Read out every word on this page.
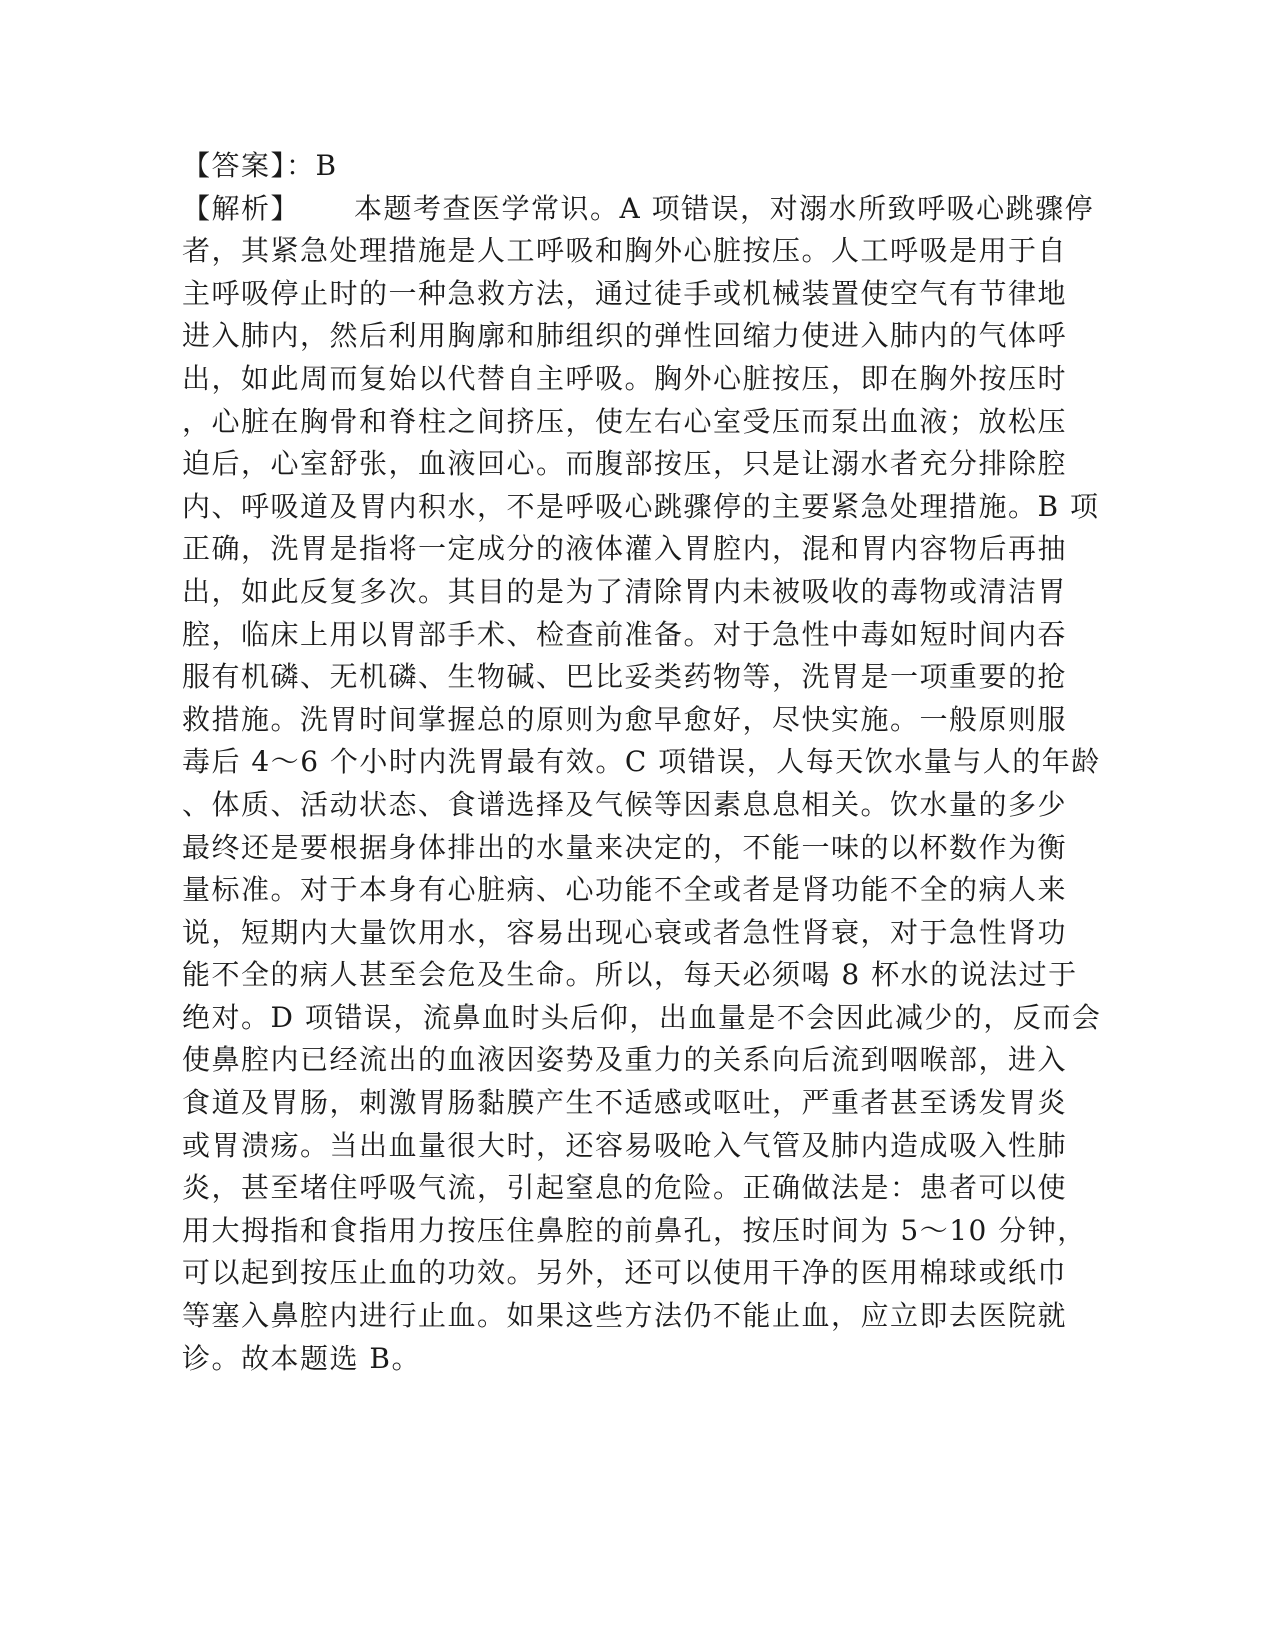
【答案】：B
【解析】 本题考查医学常识。A 项错误，对溺水所致呼吸心跳骤停
者，其紧急处理措施是人工呼吸和胸外心脏按压。人工呼吸是用于自
主呼吸停止时的一种急救方法，通过徒手或机械装置使空气有节律地
进入肺内，然后利用胸廓和肺组织的弹性回缩力使进入肺内的气体呼
出，如此周而复始以代替自主呼吸。胸外心脏按压，即在胸外按压时
，心脏在胸骨和脊柱之间挤压，使左右心室受压而泵出血液；放松压
迫后，心室舒张，血液回心。而腹部按压，只是让溺水者充分排除腔
内、呼吸道及胃内积水，不是呼吸心跳骤停的主要紧急处理措施。B 项
正确，洗胃是指将一定成分的液体灌入胃腔内，混和胃内容物后再抽
出，如此反复多次。其目的是为了清除胃内未被吸收的毒物或清洁胃
腔，临床上用以胃部手术、检查前准备。对于急性中毒如短时间内吞
服有机磷、无机磷、生物碱、巴比妥类药物等，洗胃是一项重要的抢
救措施。洗胃时间掌握总的原则为愈早愈好，尽快实施。一般原则服
毒后 4～6 个小时内洗胃最有效。C 项错误，人每天饮水量与人的年龄
、体质、活动状态、食谱选择及气候等因素息息相关。饮水量的多少
最终还是要根据身体排出的水量来决定的，不能一味的以杯数作为衡
量标准。对于本身有心脏病、心功能不全或者是肾功能不全的病人来
说，短期内大量饮用水，容易出现心衰或者急性肾衰，对于急性肾功
能不全的病人甚至会危及生命。所以，每天必须喝 8 杯水的说法过于
绝对。D 项错误，流鼻血时头后仰，出血量是不会因此减少的，反而会
使鼻腔内已经流出的血液因姿势及重力的关系向后流到咽喉部，进入
食道及胃肠，刺激胃肠黏膜产生不适感或呕吐，严重者甚至诱发胃炎
或胃溃疡。当出血量很大时，还容易吸呛入气管及肺内造成吸入性肺
炎，甚至堵住呼吸气流，引起窒息的危险。正确做法是：患者可以使
用大拇指和食指用力按压住鼻腔的前鼻孔，按压时间为 5～10 分钟，
可以起到按压止血的功效。另外，还可以使用干净的医用棉球或纸巾
等塞入鼻腔内进行止血。如果这些方法仍不能止血，应立即去医院就
诊。故本题选 B。
